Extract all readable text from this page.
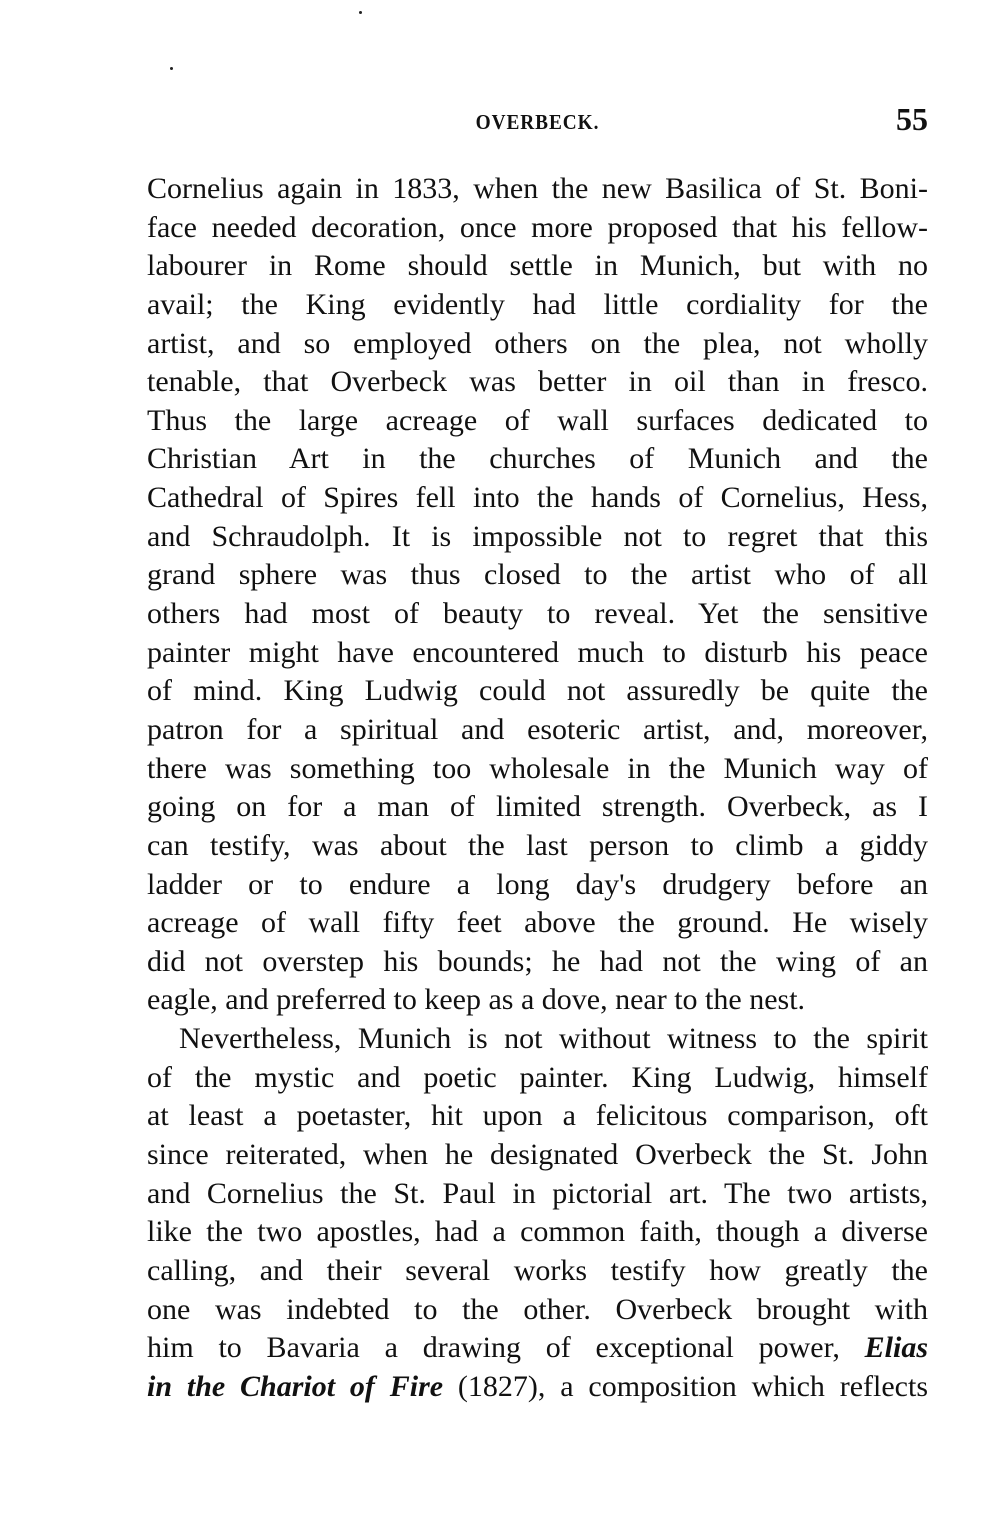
OVERBECK.	55
Cornelius again in 1833, when the new Basilica of St. Boni-
face needed decoration, once more proposed that his fellow-
labourer in Rome should settle in Munich, but with no
avail; the King evidently had little cordiality for the
artist, and so employed others on the plea, not wholly
tenable, that Overbeck was better in oil than in fresco.
Thus the large acreage of wall surfaces dedicated to
Christian Art in the churches of Munich and the
Cathedral of Spires fell into the hands of Cornelius, Hess,
and Schraudolph. It is impossible not to regret that this
grand sphere was thus closed to the artist who of all
others had most of beauty to reveal. Yet the sensitive
painter might have encountered much to disturb his peace
of mind. King Ludwig could not assuredly be quite the
patron for a spiritual and esoteric artist, and, moreover,
there was something too wholesale in the Munich way of
going on for a man of limited strength. Overbeck, as I
can testify, was about the last person to climb a giddy
ladder or to endure a long day's drudgery before an
acreage of wall fifty feet above the ground. He wisely
did not overstep his bounds; he had not the wing of an
eagle, and preferred to keep as a dove, near to the nest.
Nevertheless, Munich is not without witness to the spirit
of the mystic and poetic painter. King Ludwig, himself
at least a poetaster, hit upon a felicitous comparison, oft
since reiterated, when he designated Overbeck the St. John
and Cornelius the St. Paul in pictorial art. The two artists,
like the two apostles, had a common faith, though a diverse
calling, and their several works testify how greatly the
one was indebted to the other. Overbeck brought with
him to Bavaria a drawing of exceptional power, Elias
in the Chariot of Fire (1827), a composition which reflects
